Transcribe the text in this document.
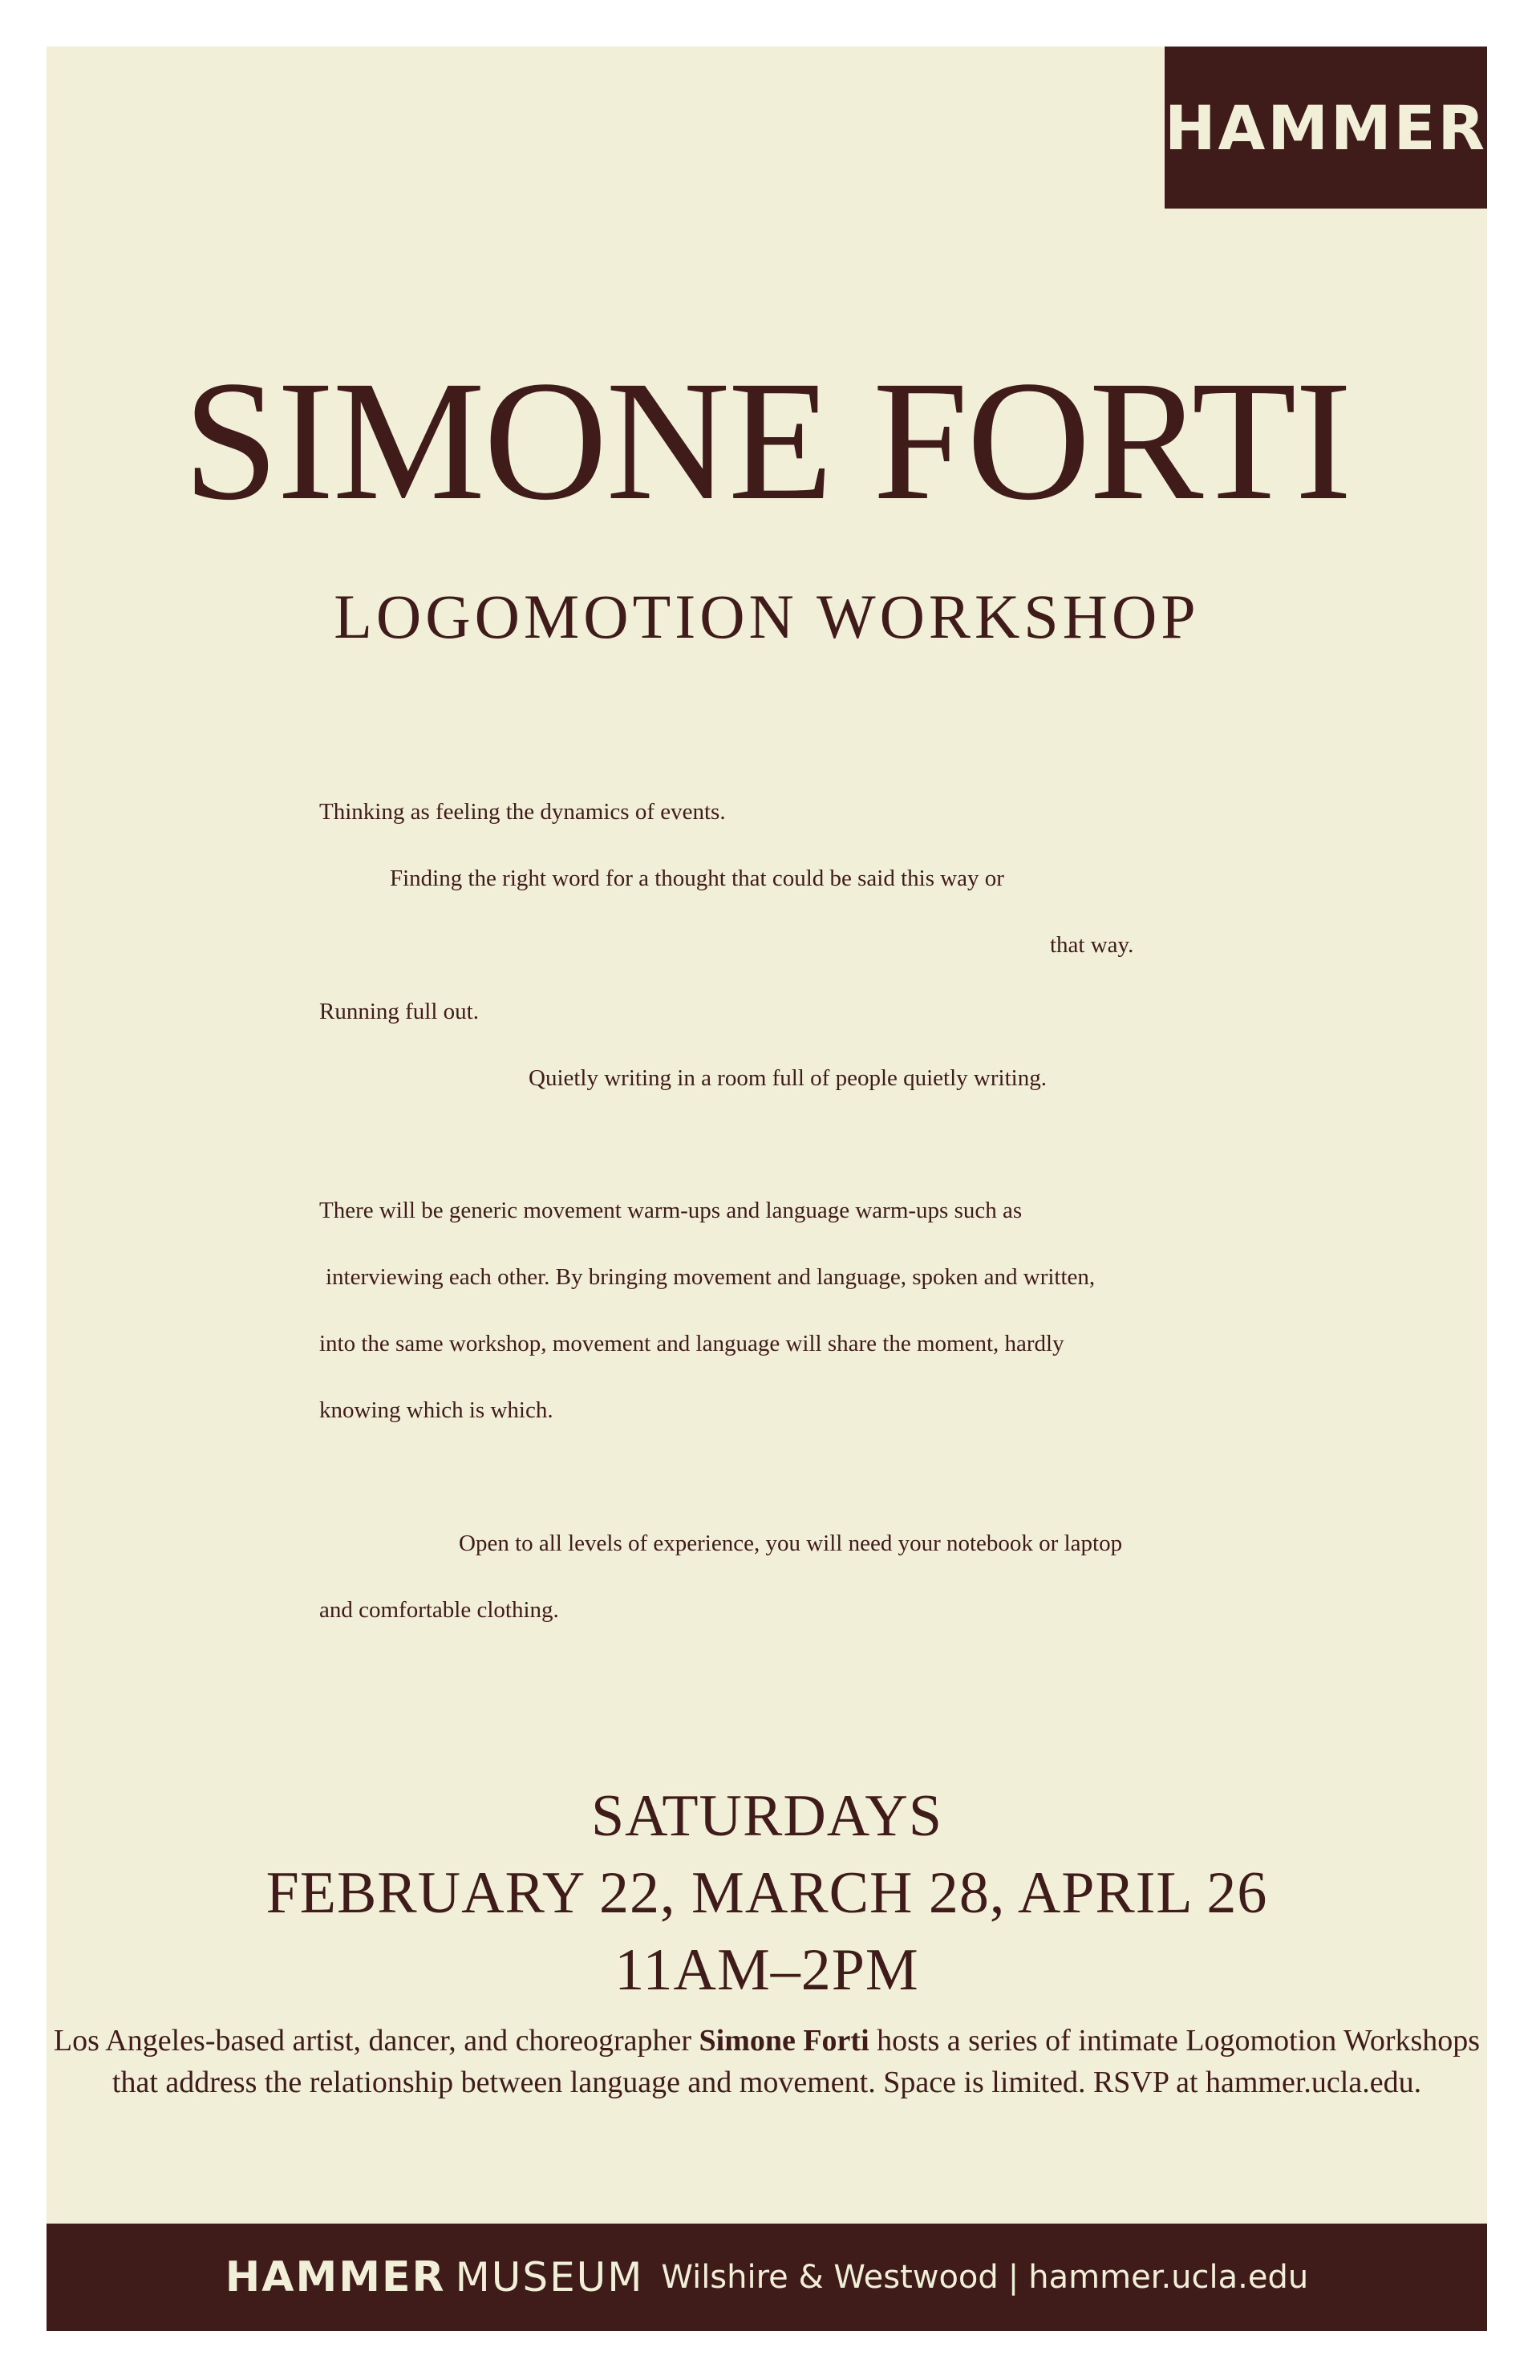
HAMMER
SIMONE FORTI
LOGOMOTION WORKSHOP
Thinking as feeling the dynamics of events.
Finding the right word for a thought that could be said this way or
that way.
Running full out.
Quietly writing in a room full of people quietly writing.
There will be generic movement warm-ups and language warm-ups such as
interviewing each other. By bringing movement and language, spoken and written,
into the same workshop, movement and language will share the moment, hardly
knowing which is which.
Open to all levels of experience, you will need your notebook or laptop
and comfortable clothing.
SATURDAYS
FEBRUARY 22, MARCH 28, APRIL 26
11AM–2PM
Los Angeles-based artist, dancer, and choreographer Simone Forti hosts a series of intimate Logomotion Workshops that address the relationship between language and movement. Space is limited. RSVP at hammer.ucla.edu.
HAMMER MUSEUM Wilshire & Westwood | hammer.ucla.edu
